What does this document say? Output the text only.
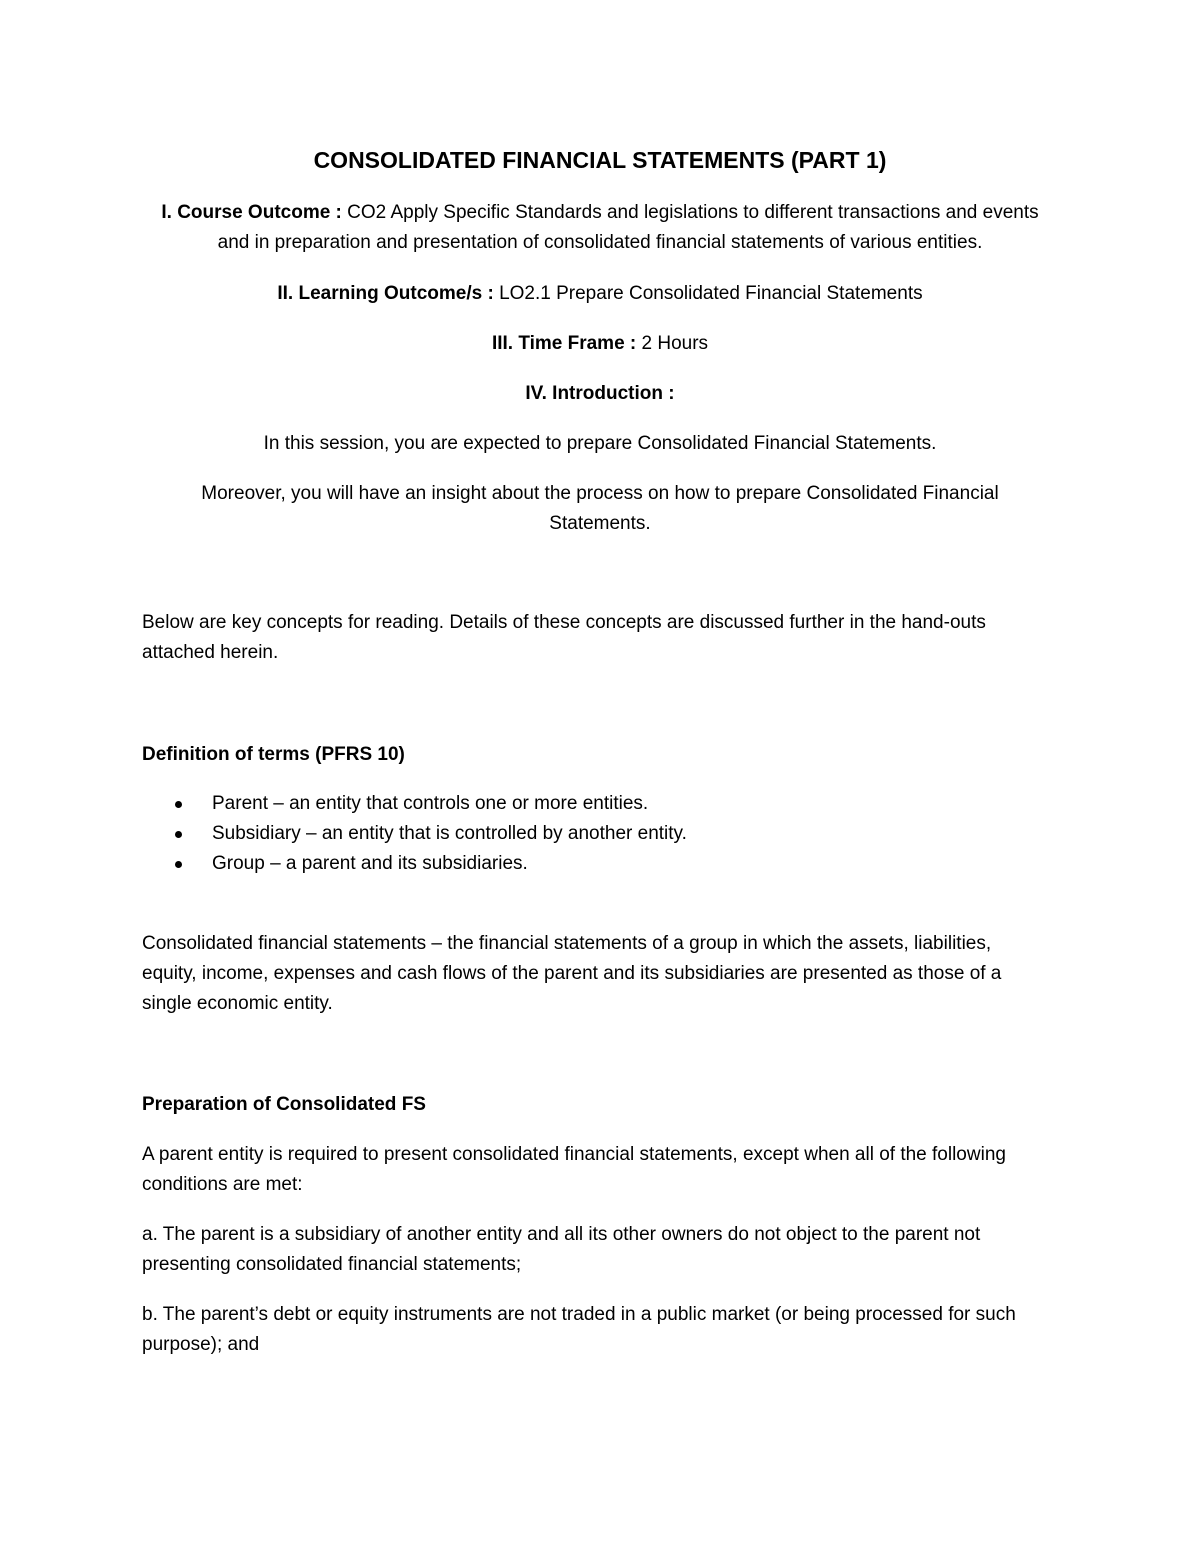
CONSOLIDATED FINANCIAL STATEMENTS (PART 1)
I. Course Outcome : CO2 Apply Specific Standards and legislations to different transactions and events
and in preparation and presentation of consolidated financial statements of various entities.
II. Learning Outcome/s : LO2.1 Prepare Consolidated Financial Statements
III. Time Frame : 2 Hours
IV. Introduction :
In this session, you are expected to prepare Consolidated Financial Statements.
Moreover, you will have an insight about the process on how to prepare Consolidated Financial
Statements.
Below are key concepts for reading. Details of these concepts are discussed further in the hand-outs
attached herein.
Definition of terms (PFRS 10)
Parent – an entity that controls one or more entities.
Subsidiary – an entity that is controlled by another entity.
Group – a parent and its subsidiaries.
Consolidated financial statements – the financial statements of a group in which the assets, liabilities,
equity, income, expenses and cash flows of the parent and its subsidiaries are presented as those of a
single economic entity.
Preparation of Consolidated FS
A parent entity is required to present consolidated financial statements, except when all of the following
conditions are met:
a. The parent is a subsidiary of another entity and all its other owners do not object to the parent not
presenting consolidated financial statements;
b. The parent’s debt or equity instruments are not traded in a public market (or being processed for such
purpose); and
